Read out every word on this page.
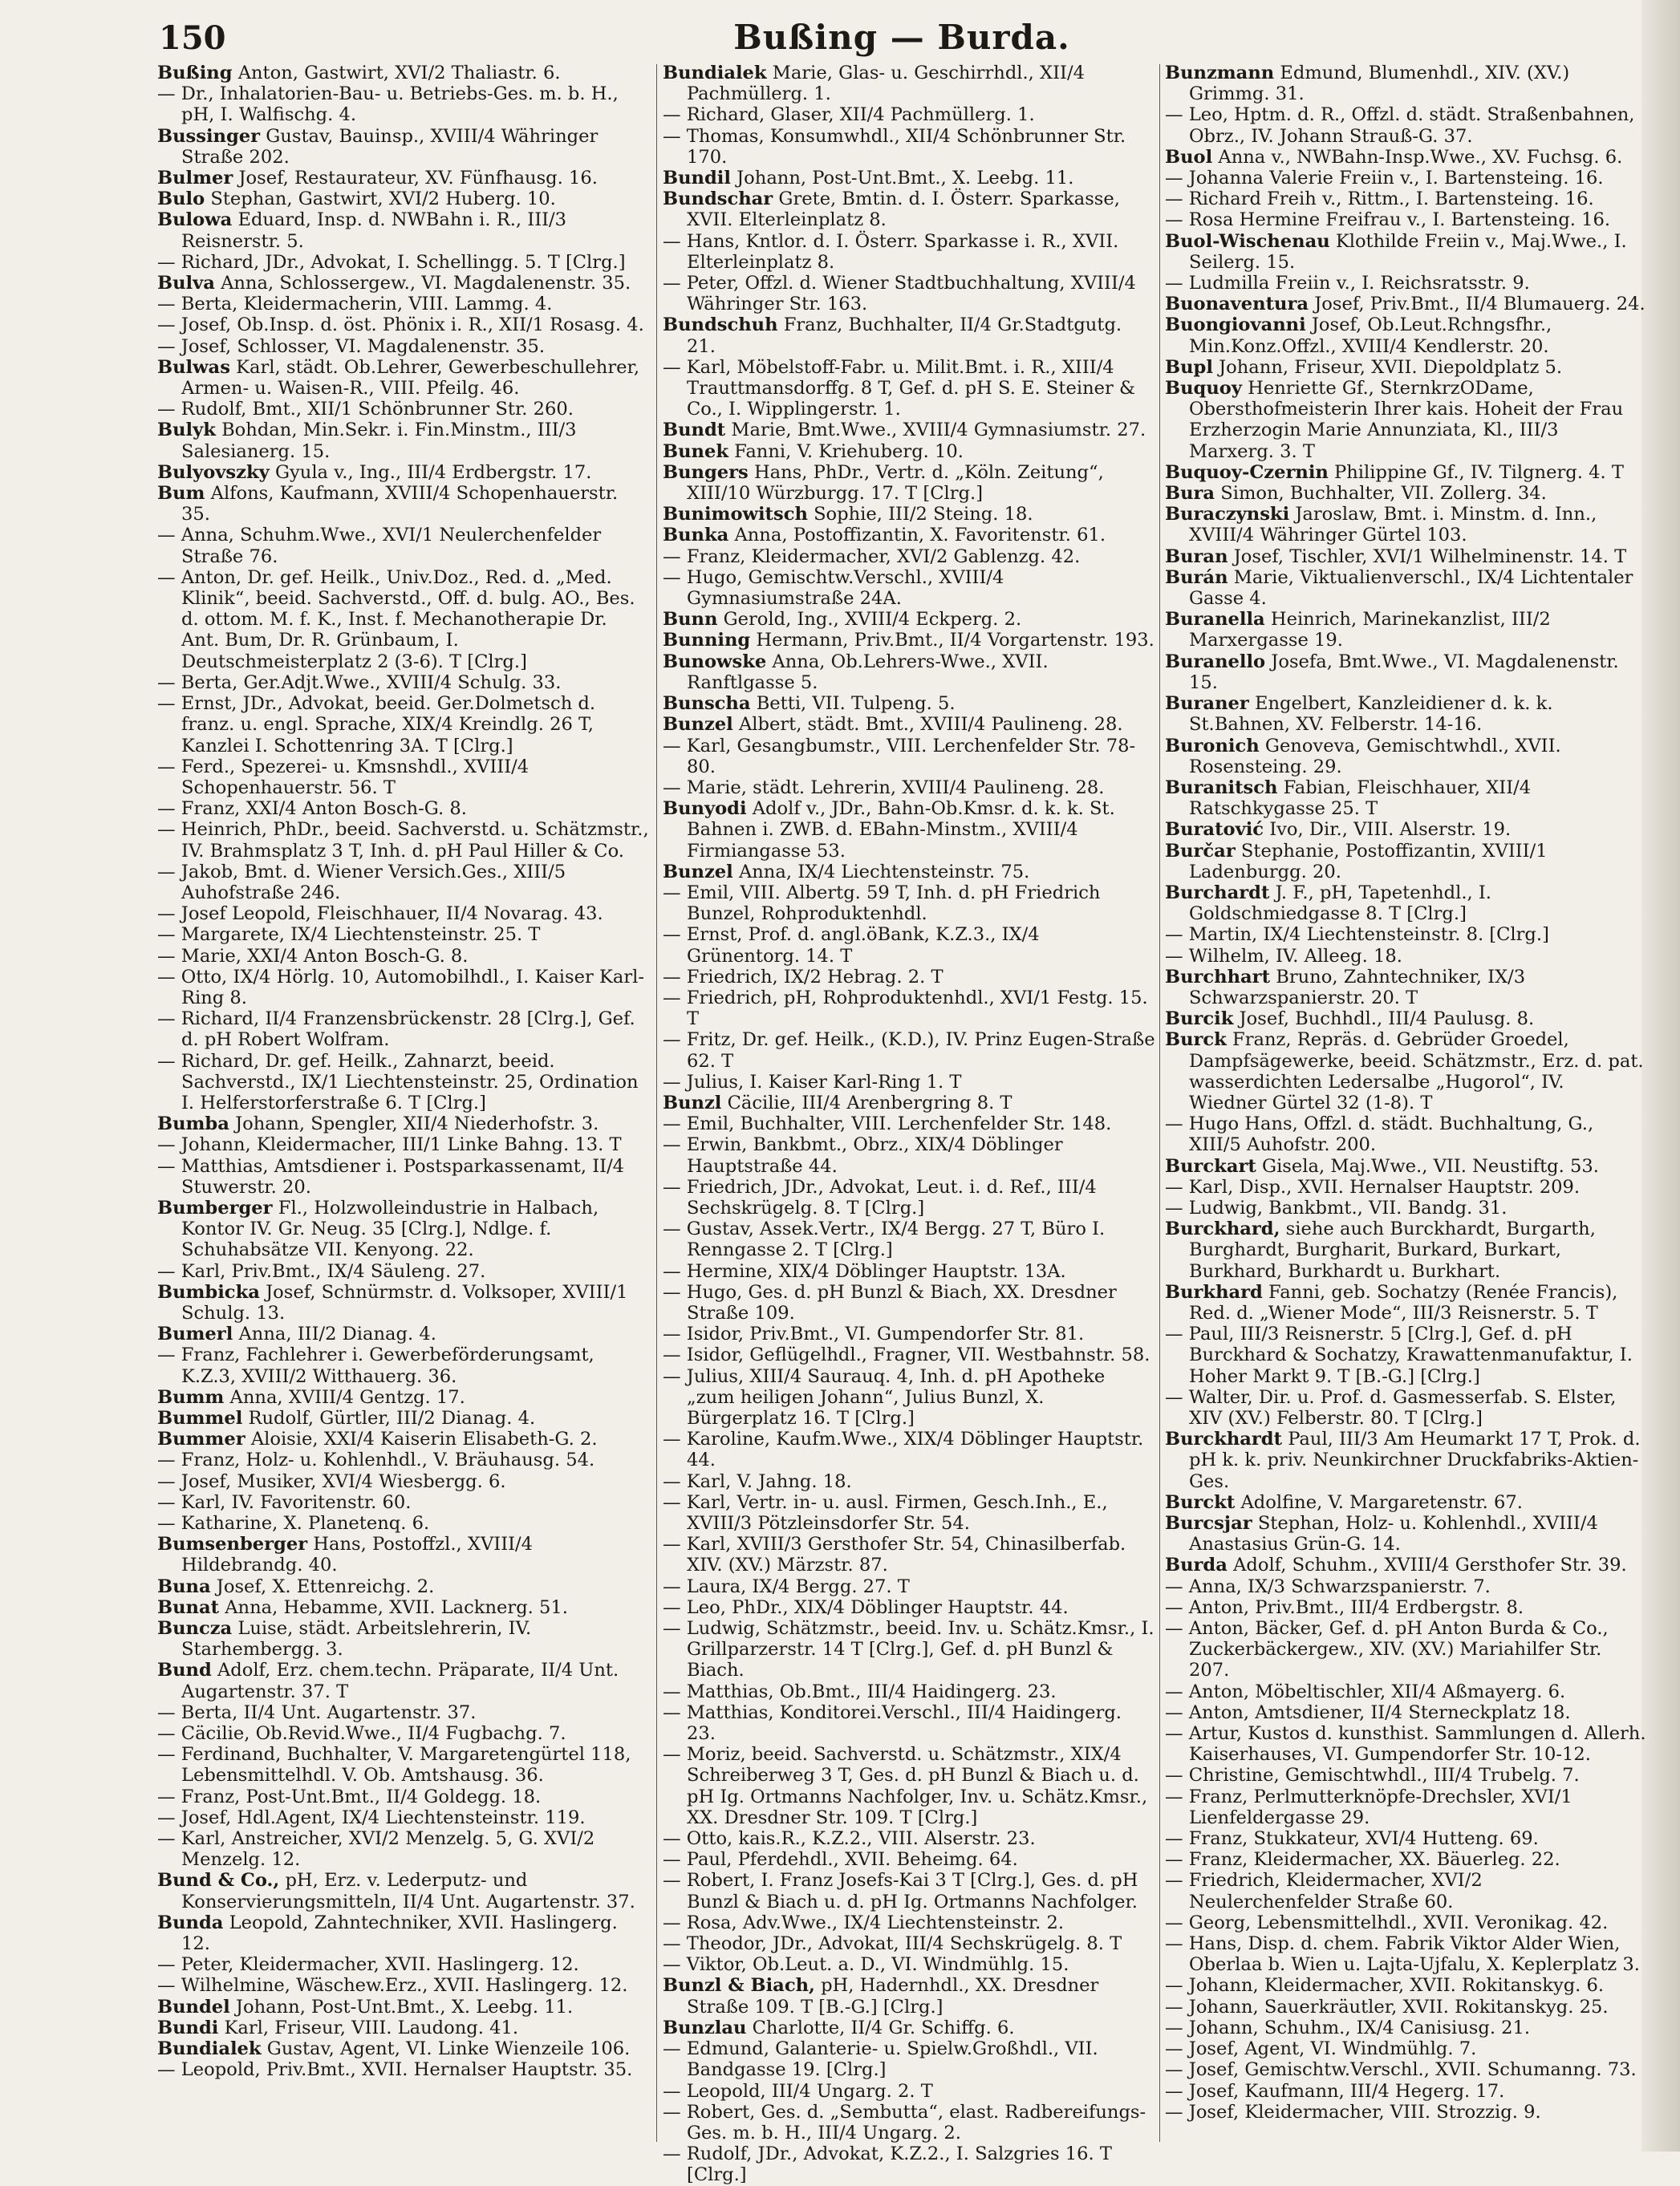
150	Bußing — Burda.
Bußing Anton, Gastwirt, XVI/2 Thaliastr. 6.
— Dr., Inhalatorien-Bau- u. Betriebs-Ges. m. b. H., pH, I. Walfischg. 4.
Bussinger Gustav, Bauinsp., XVIII/4 Währinger Straße 202.
Bulmer Josef, Restaurateur, XV. Fünfhausg. 16.
Bulo Stephan, Gastwirt, XVI/2 Huberg. 10.
Bulowa Eduard, Insp. d. NWBahn i. R., III/3 Reisnerstr. 5.
— Richard, JDr., Advokat, I. Schellingg. 5. T [Clrg.]
Bulva Anna, Schlossergew., VI. Magdalenenstr. 35.
— Berta, Kleidermacherin, VIII. Lammg. 4.
— Josef, Ob.Insp. d. öst. Phönix i. R., XII/1 Rosasg. 4.
— Josef, Schlosser, VI. Magdalenenstr. 35.
Bulwas Karl, städt. Ob.Lehrer, Gewerbeschullehrer, Armen- u. Waisen-R., VIII. Pfeilg. 46.
— Rudolf, Bmt., XII/1 Schönbrunner Str. 260.
Bulyk Bohdan, Min.Sekr. i. Fin.Minstm., III/3 Salesianerg. 15.
Bulyovszky Gyula v., Ing., III/4 Erdbergstr. 17.
Bum Alfons, Kaufmann, XVIII/4 Schopenhauerstr. 35.
— Anna, Schuhm.Wwe., XVI/1 Neulerchenfelder Straße 76.
— Anton, Dr. gef. Heilk., Univ.Doz., Red. d. „Med. Klinik“, beeid. Sachverstd., Off. d. bulg. AO., Bes. d. ottom. M. f. K., Inst. f. Mechanotherapie Dr. Ant. Bum, Dr. R. Grünbaum, I. Deutschmeisterplatz 2 (3-6). T [Clrg.]
— Berta, Ger.Adjt.Wwe., XVIII/4 Schulg. 33.
— Ernst, JDr., Advokat, beeid. Ger.Dolmetsch d. franz. u. engl. Sprache, XIX/4 Kreindlg. 26 T, Kanzlei I. Schottenring 3A. T [Clrg.]
— Ferd., Spezerei- u. Kmsnshdl., XVIII/4 Schopenhauerstr. 56. T
— Franz, XXI/4 Anton Bosch-G. 8.
— Heinrich, PhDr., beeid. Sachverstd. u. Schätzmstr., IV. Brahmsplatz 3 T, Inh. d. pH Paul Hiller & Co.
— Jakob, Bmt. d. Wiener Versich.Ges., XIII/5 Auhofstraße 246.
— Josef Leopold, Fleischhauer, II/4 Novarag. 43.
— Margarete, IX/4 Liechtensteinstr. 25. T
— Marie, XXI/4 Anton Bosch-G. 8.
— Otto, IX/4 Hörlg. 10, Automobilhdl., I. Kaiser Karl-Ring 8.
— Richard, II/4 Franzensbrückenstr. 28 [Clrg.], Gef. d. pH Robert Wolfram.
— Richard, Dr. gef. Heilk., Zahnarzt, beeid. Sachverstd., IX/1 Liechtensteinstr. 25, Ordination I. Helferstorferstraße 6. T [Clrg.]
Bumba Johann, Spengler, XII/4 Niederhofstr. 3.
— Johann, Kleidermacher, III/1 Linke Bahng. 13. T
— Matthias, Amtsdiener i. Postsparkassenamt, II/4 Stuwerstr. 20.
Bumberger Fl., Holzwolleindustrie in Halbach, Kontor IV. Gr. Neug. 35 [Clrg.], Ndlge. f. Schuhabsätze VII. Kenyong. 22.
— Karl, Priv.Bmt., IX/4 Säuleng. 27.
Bumbicka Josef, Schnürmstr. d. Volksoper, XVIII/1 Schulg. 13.
Bumerl Anna, III/2 Dianag. 4.
— Franz, Fachlehrer i. Gewerbeförderungsamt, K.Z.3, XVIII/2 Witthauerg. 36.
Bumm Anna, XVIII/4 Gentzg. 17.
Bummel Rudolf, Gürtler, III/2 Dianag. 4.
Bummer Aloisie, XXI/4 Kaiserin Elisabeth-G. 2.
— Franz, Holz- u. Kohlenhdl., V. Bräuhausg. 54.
— Josef, Musiker, XVI/4 Wiesbergg. 6.
— Karl, IV. Favoritenstr. 60.
— Katharine, X. Planetenq. 6.
Bumsenberger Hans, Postoffzl., XVIII/4 Hildebrandg. 40.
Buna Josef, X. Ettenreichg. 2.
Bunat Anna, Hebamme, XVII. Lacknerg. 51.
Buncza Luise, städt. Arbeitslehrerin, IV. Starhembergg. 3.
Bund Adolf, Erz. chem.techn. Präparate, II/4 Unt. Augartenstr. 37. T
— Berta, II/4 Unt. Augartenstr. 37.
— Cäcilie, Ob.Revid.Wwe., II/4 Fugbachg. 7.
— Ferdinand, Buchhalter, V. Margaretengürtel 118, Lebensmittelhdl. V. Ob. Amtshausg. 36.
— Franz, Post-Unt.Bmt., II/4 Goldegg. 18.
— Josef, Hdl.Agent, IX/4 Liechtensteinstr. 119.
— Karl, Anstreicher, XVI/2 Menzelg. 5, G. XVI/2 Menzelg. 12.
Bund & Co., pH, Erz. v. Lederputz- und Konservierungsmitteln, II/4 Unt. Augartenstr. 37.
Bunda Leopold, Zahntechniker, XVII. Haslingerg. 12.
— Peter, Kleidermacher, XVII. Haslingerg. 12.
— Wilhelmine, Wäschew.Erz., XVII. Haslingerg. 12.
Bundel Johann, Post-Unt.Bmt., X. Leebg. 11.
Bundi Karl, Friseur, VIII. Laudong. 41.
Bundialek Gustav, Agent, VI. Linke Wienzeile 106.
— Leopold, Priv.Bmt., XVII. Hernalser Hauptstr. 35.
Bundialek Marie, Glas- u. Geschirrhdl., XII/4 Pachmüllerg. 1.
— Richard, Glaser, XII/4 Pachmüllerg. 1.
— Thomas, Konsumwhdl., XII/4 Schönbrunner Str. 170.
Bundil Johann, Post-Unt.Bmt., X. Leebg. 11.
Bundschar Grete, Bmtin. d. I. Österr. Sparkasse, XVII. Elterleinplatz 8.
— Hans, Kntlor. d. I. Österr. Sparkasse i. R., XVII. Elterleinplatz 8.
— Peter, Offzl. d. Wiener Stadtbuchhaltung, XVIII/4 Währinger Str. 163.
Bundschuh Franz, Buchhalter, II/4 Gr.Stadtgutg. 21.
— Karl, Möbelstoff-Fabr. u. Milit.Bmt. i. R., XIII/4 Trauttmansdorffg. 8 T, Gef. d. pH S. E. Steiner & Co., I. Wipplingerstr. 1.
Bundt Marie, Bmt.Wwe., XVIII/4 Gymnasiumstr. 27.
Bunek Fanni, V. Kriehuberg. 10.
Bungers Hans, PhDr., Vertr. d. „Köln. Zeitung“, XIII/10 Würzburgg. 17. T [Clrg.]
Bunimowitsch Sophie, III/2 Steing. 18.
Bunka Anna, Postoffizantin, X. Favoritenstr. 61.
— Franz, Kleidermacher, XVI/2 Gablenzg. 42.
— Hugo, Gemischtw.Verschl., XVIII/4 Gymnasiumstraße 24A.
Bunn Gerold, Ing., XVIII/4 Eckperg. 2.
Bunning Hermann, Priv.Bmt., II/4 Vorgartenstr. 193.
Bunowske Anna, Ob.Lehrers-Wwe., XVII. Ranftlgasse 5.
Bunscha Betti, VII. Tulpeng. 5.
Bunzel Albert, städt. Bmt., XVIII/4 Paulineng. 28.
— Karl, Gesangbumstr., VIII. Lerchenfelder Str. 78-80.
— Marie, städt. Lehrerin, XVIII/4 Paulineng. 28.
Bunyodi Adolf v., JDr., Bahn-Ob.Kmsr. d. k. k. St. Bahnen i. ZWB. d. EBahn-Minstm., XVIII/4 Firmiangasse 53.
Bunzel Anna, IX/4 Liechtensteinstr. 75.
— Emil, VIII. Albertg. 59 T, Inh. d. pH Friedrich Bunzel, Rohproduktenhdl.
— Ernst, Prof. d. angl.öBank, K.Z.3., IX/4 Grünentorg. 14. T
— Friedrich, IX/2 Hebrag. 2. T
— Friedrich, pH, Rohproduktenhdl., XVI/1 Festg. 15. T
— Fritz, Dr. gef. Heilk., (K.D.), IV. Prinz Eugen-Straße 62. T
— Julius, I. Kaiser Karl-Ring 1. T
Bunzl Cäcilie, III/4 Arenbergring 8. T
— Emil, Buchhalter, VIII. Lerchenfelder Str. 148.
— Erwin, Bankbmt., Obrz., XIX/4 Döblinger Hauptstraße 44.
— Friedrich, JDr., Advokat, Leut. i. d. Ref., III/4 Sechskrügelg. 8. T [Clrg.]
— Gustav, Assek.Vertr., IX/4 Bergg. 27 T, Büro I. Renngasse 2. T [Clrg.]
— Hermine, XIX/4 Döblinger Hauptstr. 13A.
— Hugo, Ges. d. pH Bunzl & Biach, XX. Dresdner Straße 109.
— Isidor, Priv.Bmt., VI. Gumpendorfer Str. 81.
— Isidor, Geflügelhdl., Fragner, VII. Westbahnstr. 58.
— Julius, XIII/4 Saurauq. 4, Inh. d. pH Apotheke „zum heiligen Johann“, Julius Bunzl, X. Bürgerplatz 16. T [Clrg.]
— Karoline, Kaufm.Wwe., XIX/4 Döblinger Hauptstr. 44.
— Karl, V. Jahng. 18.
— Karl, Vertr. in- u. ausl. Firmen, Gesch.Inh., E., XVIII/3 Pötzleinsdorfer Str. 54.
— Karl, XVIII/3 Gersthofer Str. 54, Chinasilberfab. XIV. (XV.) Märzstr. 87.
— Laura, IX/4 Bergg. 27. T
— Leo, PhDr., XIX/4 Döblinger Hauptstr. 44.
— Ludwig, Schätzmstr., beeid. Inv. u. Schätz.Kmsr., I. Grillparzerstr. 14 T [Clrg.], Gef. d. pH Bunzl & Biach.
— Matthias, Ob.Bmt., III/4 Haidingerg. 23.
— Matthias, Konditorei.Verschl., III/4 Haidingerg. 23.
— Moriz, beeid. Sachverstd. u. Schätzmstr., XIX/4 Schreiberweg 3 T, Ges. d. pH Bunzl & Biach u. d. pH Ig. Ortmanns Nachfolger, Inv. u. Schätz.Kmsr., XX. Dresdner Str. 109. T [Clrg.]
— Otto, kais.R., K.Z.2., VIII. Alserstr. 23.
— Paul, Pferdehdl., XVII. Beheimg. 64.
— Robert, I. Franz Josefs-Kai 3 T [Clrg.], Ges. d. pH Bunzl & Biach u. d. pH Ig. Ortmanns Nachfolger.
— Rosa, Adv.Wwe., IX/4 Liechtensteinstr. 2.
— Theodor, JDr., Advokat, III/4 Sechskrügelg. 8. T
— Viktor, Ob.Leut. a. D., VI. Windmühlg. 15.
Bunzl & Biach, pH, Hadernhdl., XX. Dresdner Straße 109. T [B.-G.] [Clrg.]
Bunzlau Charlotte, II/4 Gr. Schiffg. 6.
— Edmund, Galanterie- u. Spielw.Großhdl., VII. Bandgasse 19. [Clrg.]
— Leopold, III/4 Ungarg. 2. T
— Robert, Ges. d. „Sembutta“, elast. Radbereifungs-Ges. m. b. H., III/4 Ungarg. 2.
— Rudolf, JDr., Advokat, K.Z.2., I. Salzgries 16. T [Clrg.]
Bunzmann Edmund, Blumenhdl., XIV. (XV.) Grimmg. 31.
— Leo, Hptm. d. R., Offzl. d. städt. Straßenbahnen, Obrz., IV. Johann Strauß-G. 37.
Buol Anna v., NWBahn-Insp.Wwe., XV. Fuchsg. 6.
— Johanna Valerie Freiin v., I. Bartensteing. 16.
— Richard Freih v., Rittm., I. Bartensteing. 16.
— Rosa Hermine Freifrau v., I. Bartensteing. 16.
Buol-Wischenau Klothilde Freiin v., Maj.Wwe., I. Seilerg. 15.
— Ludmilla Freiin v., I. Reichsratsstr. 9.
Buonaventura Josef, Priv.Bmt., II/4 Blumauerg. 24.
Buongiovanni Josef, Ob.Leut.Rchngsfhr., Min.Konz.Offzl., XVIII/4 Kendlerstr. 20.
Bupl Johann, Friseur, XVII. Diepoldplatz 5.
Buquoy Henriette Gf., SternkrzODame, Obersthofmeisterin Ihrer kais. Hoheit der Frau Erzherzogin Marie Annunziata, Kl., III/3 Marxerg. 3. T
Buquoy-Czernin Philippine Gf., IV. Tilgnerg. 4. T
Bura Simon, Buchhalter, VII. Zollerg. 34.
Buraczynski Jaroslaw, Bmt. i. Minstm. d. Inn., XVIII/4 Währinger Gürtel 103.
Buran Josef, Tischler, XVI/1 Wilhelminenstr. 14. T
Burán Marie, Viktualienverschl., IX/4 Lichtentaler Gasse 4.
Buranella Heinrich, Marinekanzlist, III/2 Marxergasse 19.
Buranello Josefa, Bmt.Wwe., VI. Magdalenenstr. 15.
Buraner Engelbert, Kanzleidiener d. k. k. St.Bahnen, XV. Felberstr. 14-16.
Buronich Genoveva, Gemischtwhdl., XVII. Rosensteing. 29.
Buranitsch Fabian, Fleischhauer, XII/4 Ratschkygasse 25. T
Buratović Ivo, Dir., VIII. Alserstr. 19.
Burčar Stephanie, Postoffizantin, XVIII/1 Ladenburgg. 20.
Burchardt J. F., pH, Tapetenhdl., I. Goldschmiedgasse 8. T [Clrg.]
— Martin, IX/4 Liechtensteinstr. 8. [Clrg.]
— Wilhelm, IV. Alleeg. 18.
Burchhart Bruno, Zahntechniker, IX/3 Schwarzspanierstr. 20. T
Burcik Josef, Buchhdl., III/4 Paulusg. 8.
Burck Franz, Repräs. d. Gebrüder Groedel, Dampfsägewerke, beeid. Schätzmstr., Erz. d. pat. wasserdichten Ledersalbe „Hugorol“, IV. Wiedner Gürtel 32 (1-8). T
— Hugo Hans, Offzl. d. städt. Buchhaltung, G., XIII/5 Auhofstr. 200.
Burckart Gisela, Maj.Wwe., VII. Neustiftg. 53.
— Karl, Disp., XVII. Hernalser Hauptstr. 209.
— Ludwig, Bankbmt., VII. Bandg. 31.
Burckhard, siehe auch Burckhardt, Burgarth, Burghardt, Burgharit, Burkard, Burkart, Burkhard, Burkhardt u. Burkhart.
Burkhard Fanni, geb. Sochatzy (Renée Francis), Red. d. „Wiener Mode“, III/3 Reisnerstr. 5. T
— Paul, III/3 Reisnerstr. 5 [Clrg.], Gef. d. pH Burckhard & Sochatzy, Krawattenmanufaktur, I. Hoher Markt 9. T [B.-G.] [Clrg.]
— Walter, Dir. u. Prof. d. Gasmesserfab. S. Elster, XIV (XV.) Felberstr. 80. T [Clrg.]
Burckhardt Paul, III/3 Am Heumarkt 17 T, Prok. d. pH k. k. priv. Neunkirchner Druckfabriks-Aktien-Ges.
Burckt Adolfine, V. Margaretenstr. 67.
Burcsjar Stephan, Holz- u. Kohlenhdl., XVIII/4 Anastasius Grün-G. 14.
Burda Adolf, Schuhm., XVIII/4 Gersthofer Str. 39.
— Anna, IX/3 Schwarzspanierstr. 7.
— Anton, Priv.Bmt., III/4 Erdbergstr. 8.
— Anton, Bäcker, Gef. d. pH Anton Burda & Co., Zuckerbäckergew., XIV. (XV.) Mariahilfer Str. 207.
— Anton, Möbeltischler, XII/4 Aßmayerg. 6.
— Anton, Amtsdiener, II/4 Sterneckplatz 18.
— Artur, Kustos d. kunsthist. Sammlungen d. Allerh. Kaiserhauses, VI. Gumpendorfer Str. 10-12.
— Christine, Gemischtwhdl., III/4 Trubelg. 7.
— Franz, Perlmutterknöpfe-Drechsler, XVI/1 Lienfeldergasse 29.
— Franz, Stukkateur, XVI/4 Hutteng. 69.
— Franz, Kleidermacher, XX. Bäuerleg. 22.
— Friedrich, Kleidermacher, XVI/2 Neulerchenfelder Straße 60.
— Georg, Lebensmittelhdl., XVII. Veronikag. 42.
— Hans, Disp. d. chem. Fabrik Viktor Alder Wien, Oberlaa b. Wien u. Lajta-Ujfalu, X. Keplerplatz 3.
— Johann, Kleidermacher, XVII. Rokitanskyg. 6.
— Johann, Sauerkräutler, XVII. Rokitanskyg. 25.
— Johann, Schuhm., IX/4 Canisiusg. 21.
— Josef, Agent, VI. Windmühlg. 7.
— Josef, Gemischtw.Verschl., XVII. Schumanng. 73.
— Josef, Kaufmann, III/4 Hegerg. 17.
— Josef, Kleidermacher, VIII. Strozzig. 9.
